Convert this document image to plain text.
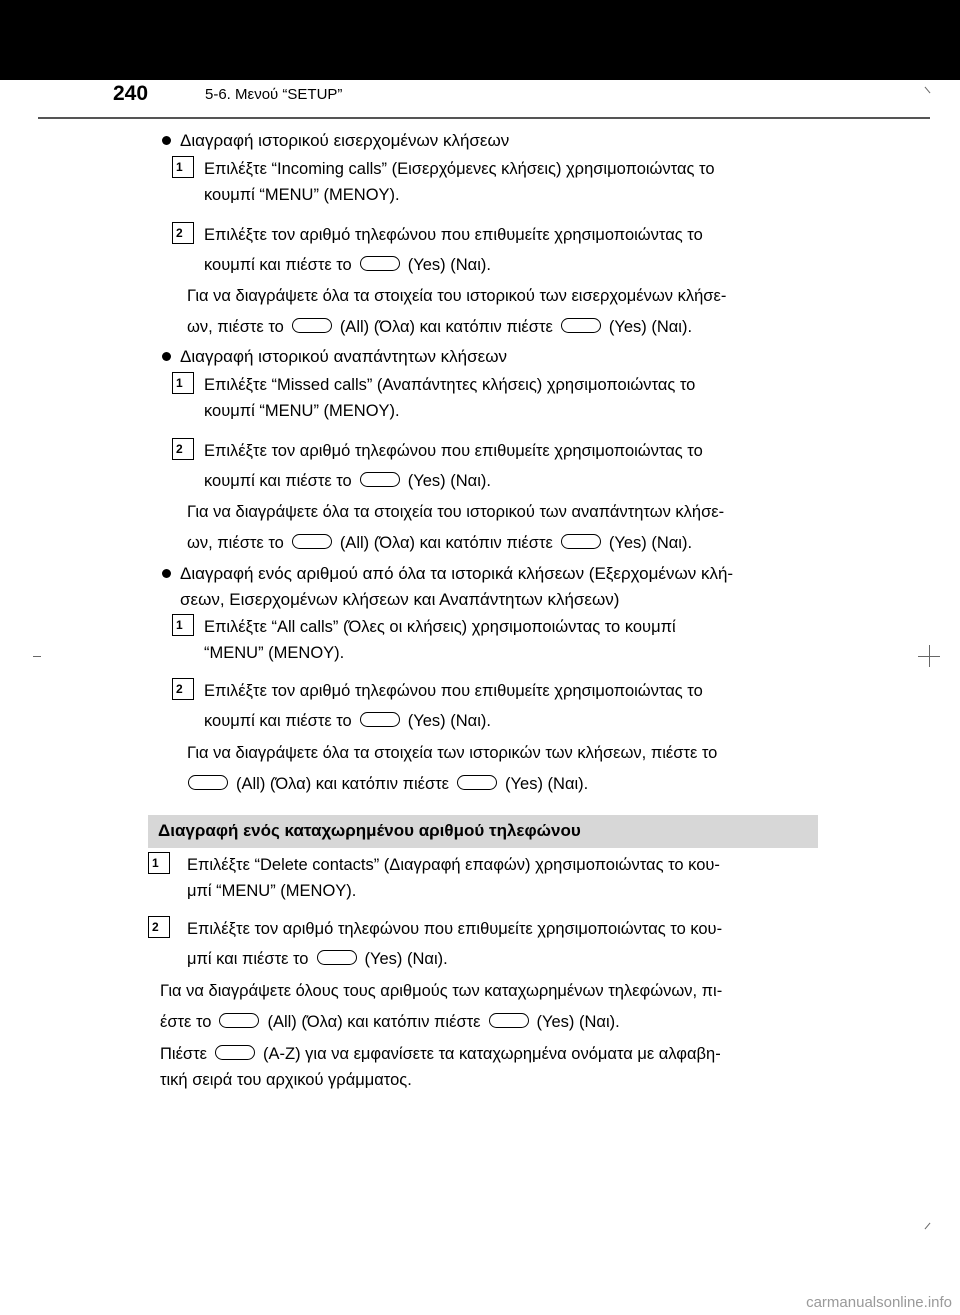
240	5-6. Μενού “SETUP”
Διαγραφή ιστορικού εισερχομένων κλήσεων
1	Επιλέξτε “Incoming calls” (Εισερχόμενες κλήσεις) χρησιμοποιώντας το
κουμπί “MENU” (MENOY).
2	Επιλέξτε τον αριθμό τηλεφώνου που επιθυμείτε χρησιμοποιώντας το
κουμπί και πιέστε το	(Yes) (Ναι).
Για να διαγράψετε όλα τα στοιχεία του ιστορικού των εισερχομένων κλήσε-
ων, πιέστε το	(All) (Όλα) και κατόπιν πιέστε	(Yes) (Ναι).
Διαγραφή ιστορικού αναπάντητων κλήσεων
1	Επιλέξτε “Missed calls” (Αναπάντητες κλήσεις) χρησιμοποιώντας το
κουμπί “MENU” (MENOY).
2	Επιλέξτε τον αριθμό τηλεφώνου που επιθυμείτε χρησιμοποιώντας το
κουμπί και πιέστε το	(Yes) (Ναι).
Για να διαγράψετε όλα τα στοιχεία του ιστορικού των αναπάντητων κλήσε-
ων, πιέστε το	(All) (Όλα) και κατόπιν πιέστε	(Yes) (Ναι).
Διαγραφή ενός αριθμού από όλα τα ιστορικά κλήσεων (Εξερχομένων κλή-
σεων, Εισερχομένων κλήσεων και Αναπάντητων κλήσεων)
1	Επιλέξτε “All calls” (Όλες οι κλήσεις) χρησιμοποιώντας το κουμπί
“MENU” (MENOY).
2	Επιλέξτε τον αριθμό τηλεφώνου που επιθυμείτε χρησιμοποιώντας το
κουμπί και πιέστε το	(Yes) (Ναι).
Για να διαγράψετε όλα τα στοιχεία των ιστορικών των κλήσεων, πιέστε το
(All) (Όλα) και κατόπιν πιέστε	(Yes) (Ναι).
Διαγραφή ενός καταχωρημένου αριθμού τηλεφώνου
1	Επιλέξτε “Delete contacts” (Διαγραφή επαφών) χρησιμοποιώντας το κου-
μπί “MENU” (MENOY).
2	Επιλέξτε τον αριθμό τηλεφώνου που επιθυμείτε χρησιμοποιώντας το κου-
μπί και πιέστε το	(Yes) (Ναι).
Για να διαγράψετε όλους τους αριθμούς των καταχωρημένων τηλεφώνων, πι-
έστε το	(All) (Όλα) και κατόπιν πιέστε	(Yes) (Ναι).
Πιέστε	(A-Z) για να εμφανίσετε τα καταχωρημένα ονόματα με αλφαβη-
τική σειρά του αρχικού γράμματος.
carmanualsonline.info
